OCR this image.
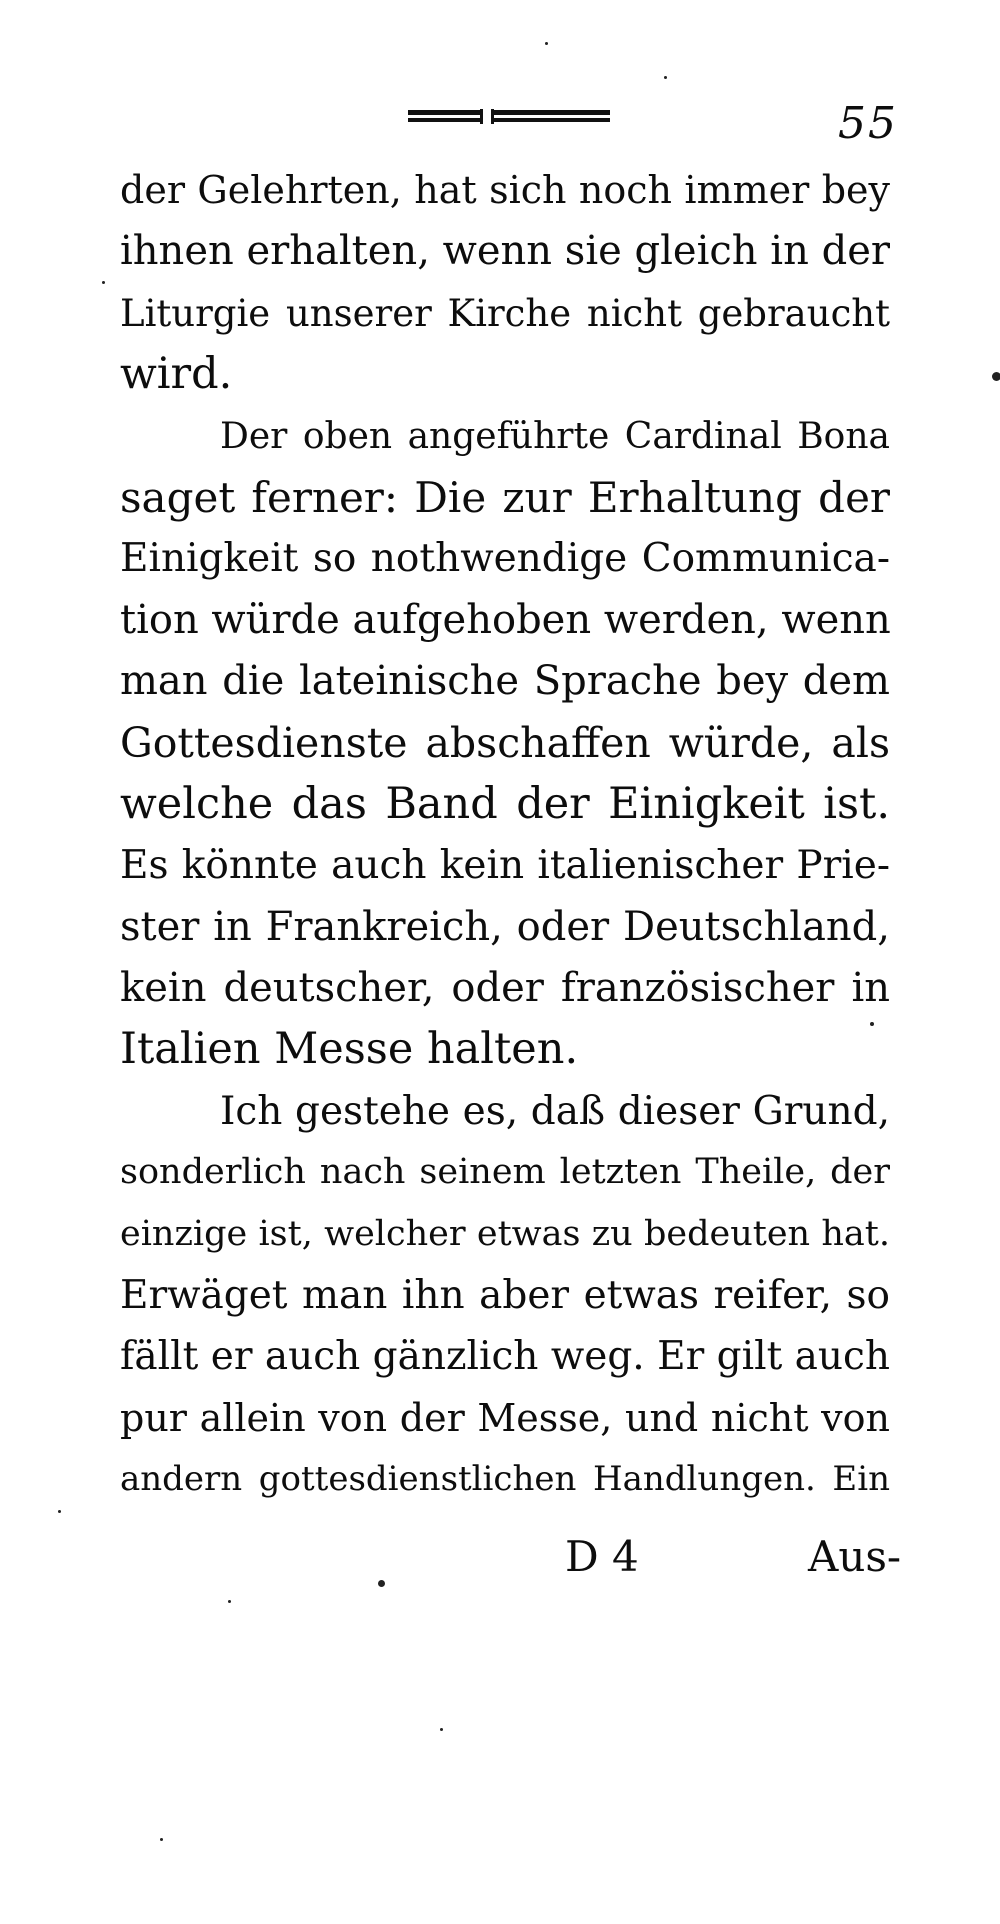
55
der Gelehrten, hat sich noch immer bey
ihnen erhalten, wenn sie gleich in der
Liturgie unserer Kirche nicht gebraucht
wird.
Der oben angeführte Cardinal Bona
saget ferner: Die zur Erhaltung der
Einigkeit so nothwendige Communica-
tion würde aufgehoben werden, wenn
man die lateinische Sprache bey dem
Gottesdienste abschaffen würde, als
welche das Band der Einigkeit ist.
Es könnte auch kein italienischer Prie-
ster in Frankreich, oder Deutschland,
kein deutscher, oder französischer in
Italien Messe halten.
Ich gestehe es, daß dieser Grund,
sonderlich nach seinem letzten Theile, der
einzige ist, welcher etwas zu bedeuten hat.
Erwäget man ihn aber etwas reifer, so
fällt er auch gänzlich weg. Er gilt auch
pur allein von der Messe, und nicht von
andern gottesdienstlichen Handlungen. Ein
D 4	Aus-
